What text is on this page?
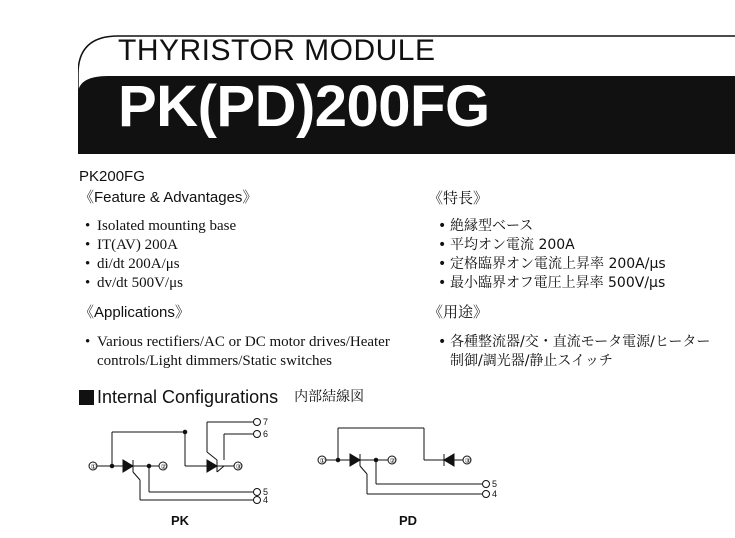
THYRISTOR MODULE
PK(PD)200FG
PK200FG
《Feature & Advantages》
• Isolated mounting base
• IT(AV) 200A
• di/dt 200A/μs
• dv/dt 500V/μs
《特長》
• 絶縁型ベース
• 平均オン電流 200A
• 定格臨界オン電流上昇率 200A/μs
• 最小臨界オフ電圧上昇率 500V/μs
《Applications》
• Various rectifiers/AC or DC motor drives/Heater controls/Light dimmers/Static switches
《用途》
• 各種整流器/交・直流モータ電源/ヒーター制御/調光器/静止スイッチ
Internal Configurations 内部結線図
①	②	③
7
6
5
4
PK
①	②	③
5
4
PD
